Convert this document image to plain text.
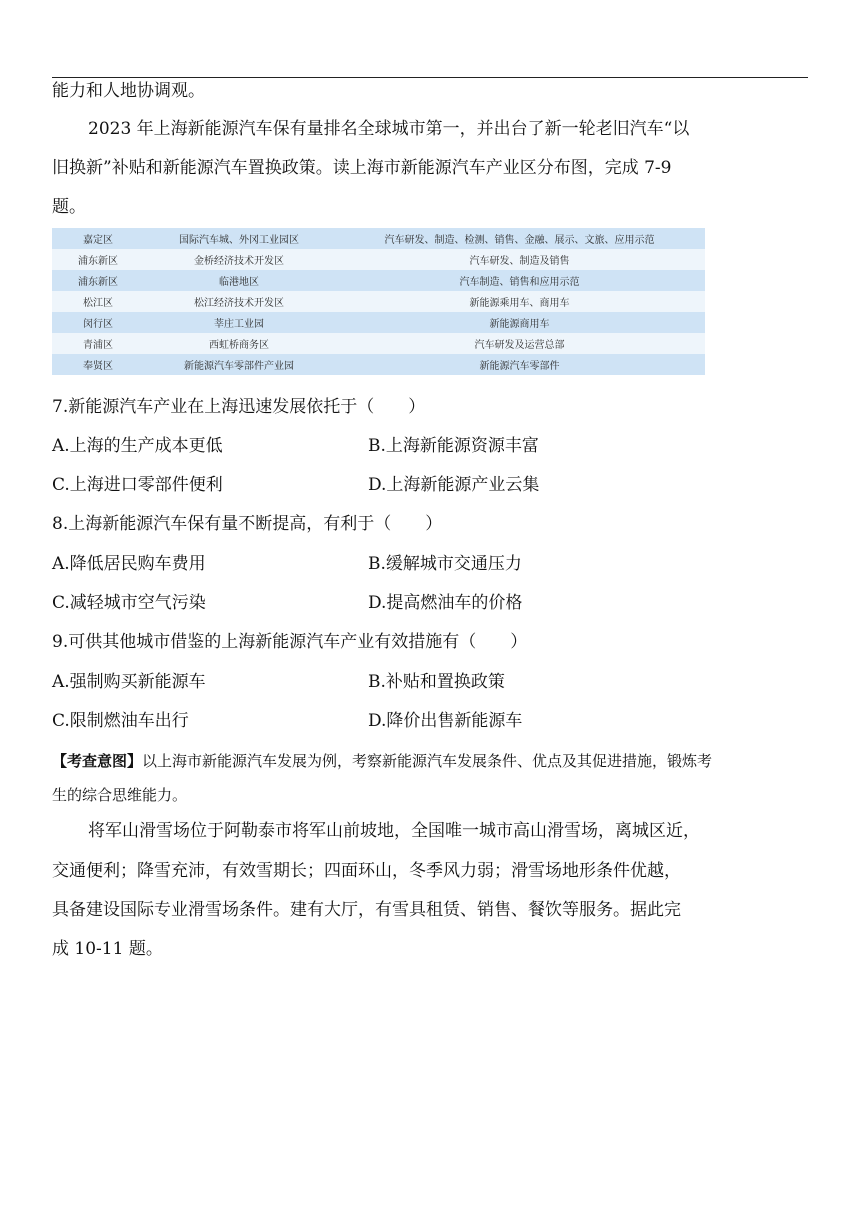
能力和人地协调观。
2023 年上海新能源汽车保有量排名全球城市第一，并出台了新一轮老旧汽车“以
旧换新”补贴和新能源汽车置换政策。读上海市新能源汽车产业区分布图，完成 7-9
题。
嘉定区	国际汽车城、外冈工业园区	汽车研发、制造、检测、销售、金融、展示、文旅、应用示范
浦东新区	金桥经济技术开发区	汽车研发、制造及销售
浦东新区	临港地区	汽车制造、销售和应用示范
松江区	松江经济技术开发区	新能源乘用车、商用车
闵行区	莘庄工业园	新能源商用车
青浦区	西虹桥商务区	汽车研发及运营总部
奉贤区	新能源汽车零部件产业园	新能源汽车零部件
7.新能源汽车产业在上海迅速发展依托于（　　）
A.上海的生产成本更低	B.上海新能源资源丰富
C.上海进口零部件便利	D.上海新能源产业云集
8.上海新能源汽车保有量不断提高，有利于（　　）
A.降低居民购车费用	B.缓解城市交通压力
C.减轻城市空气污染	D.提高燃油车的价格
9.可供其他城市借鉴的上海新能源汽车产业有效措施有（　　）
A.强制购买新能源车	B.补贴和置换政策
C.限制燃油车出行	D.降价出售新能源车
【考查意图】以上海市新能源汽车发展为例，考察新能源汽车发展条件、优点及其促进措施，锻炼考
生的综合思维能力。
将军山滑雪场位于阿勒泰市将军山前坡地，全国唯一城市高山滑雪场，离城区近，
交通便利；降雪充沛，有效雪期长；四面环山，冬季风力弱；滑雪场地形条件优越，
具备建设国际专业滑雪场条件。建有大厅，有雪具租赁、销售、餐饮等服务。据此完
成 10-11 题。
